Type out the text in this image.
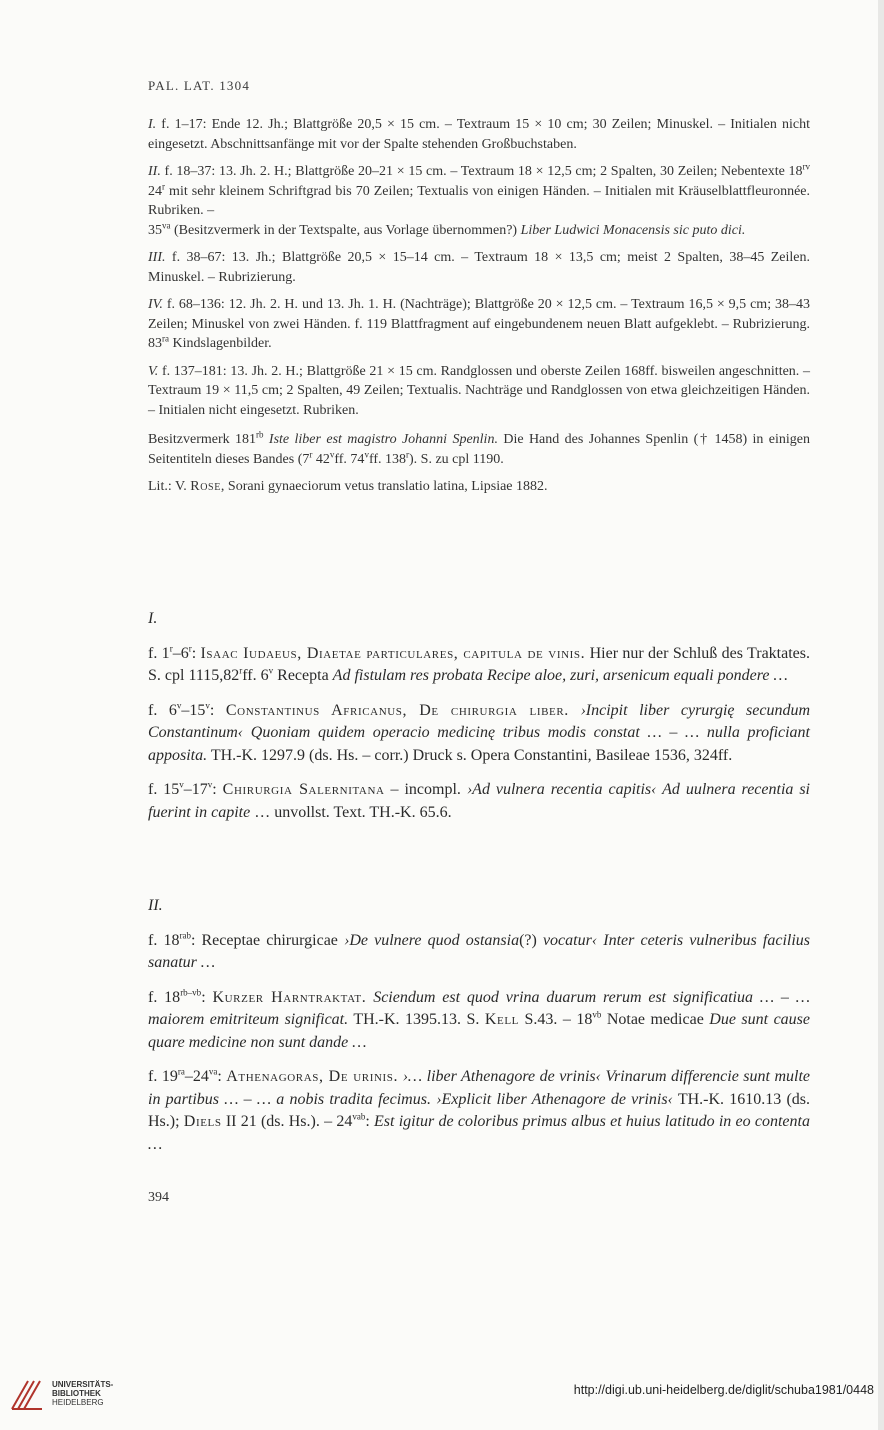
PAL. LAT. 1304

I. f. 1–17: Ende 12. Jh.; Blattgröße 20,5 × 15 cm. – Textraum 15 × 10 cm; 30 Zeilen; Minuskel. – Initialen nicht eingesetzt. Abschnittsanfänge mit vor der Spalte stehenden Großbuchstaben.

II. f. 18–37: 13. Jh. 2. H.; Blattgröße 20–21 × 15 cm. – Textraum 18 × 12,5 cm; 2 Spalten, 30 Zeilen; Nebentexte $18^{rv}$ 24$^r$ mit sehr kleinem Schriftgrad bis 70 Zeilen; Textualis von einigen Händen. – Initialen mit Kräuselblattfleuronnée. Rubriken. –
$35^{va}$ (Besitzvermerk in der Textspalte, aus Vorlage übernommen?) Liber Ludwici Monacensis sic puto dici.

III. f. 38–67: 13. Jh.; Blattgröße 20,5 × 15–14 cm. – Textraum 18 × 13,5 cm; meist 2 Spalten, 38–45 Zeilen. Minuskel. – Rubrizierung.

IV. f. 68–136: 12. Jh. 2. H. und 13. Jh. 1. H. (Nachträge); Blattgröße 20 × 12,5 cm. – Textraum 16,5 × 9,5 cm; 38–43 Zeilen; Minuskel von zwei Händen. f. 119 Blattfragment auf eingebundenem neuen Blatt aufgeklebt. – Rubrizierung. $83^{ra}$ Kindslagenbilder.

V. f. 137–181: 13. Jh. 2. H.; Blattgröße 21 × 15 cm. Randglossen und oberste Zeilen 168ff. bisweilen angeschnitten. – Textraum 19 × 11,5 cm; 2 Spalten, 49 Zeilen; Textualis. Nachträge und Randglossen von etwa gleichzeitigen Händen. – Initialen nicht eingesetzt. Rubriken.

Besitzvermerk $181^{rb}$ Iste liber est magistro Johanni Spenlin. Die Hand des Johannes Spenlin († 1458) in einigen Seitentiteln dieses Bandes (7$^r$ 42$^v$ff. 74$^v$ff. 138$^r$). S. zu cpl 1190.

Lit.: V. Rose, Sorani gynaeciorum vetus translatio latina, Lipsiae 1882.

I.

f. 1$^r$–6$^r$: Isaac Iudaeus, Diaetae particulares, capitula de vinis. Hier nur der Schluß des Traktates. S. cpl 1115,82$^r$ff. 6$^v$ Recepta Ad fistulam res probata Recipe aloe, zuri, arsenicum equali pondere …

f. 6$^v$–15$^v$: Constantinus Africanus, De chirurgia liber. ›Incipit liber cyrurgię secundum Constantinum‹ Quoniam quidem operacio medicinę tribus modis constat … – … nulla proficiant apposita. TH.-K. 1297.9 (ds. Hs. – corr.) Druck s. Opera Constantini, Basileae 1536, 324ff.

f. 15$^v$–17$^v$: Chirurgia Salernitana – incompl. ›Ad vulnera recentia capitis‹ Ad uulnera recentia si fuerint in capite … unvollst. Text. TH.-K. 65.6.

II.

f. $18^{rab}$: Receptae chirurgicae ›De vulnere quod ostansia(?) vocatur‹ Inter ceteris vulneribus facilius sanatur …

f. $18^{rb-vb}$: Kurzer Harntraktat. Sciendum est quod vrina duarum rerum est significatiua … – … maiorem emitriteum significat. TH.-K. 1395.13. S. Kell S.43. – $18^{vb}$ Notae medicae Due sunt cause quare medicine non sunt dande …

f. $19^{ra}-24^{va}$: Athenagoras, De urinis. ›… liber Athenagore de vrinis‹ Vrinarum differencie sunt multe in partibus … – … a nobis tradita fecimus. ›Explicit liber Athenagore de vrinis‹ TH.-K. 1610.13 (ds. Hs.); Diels II 21 (ds. Hs.). – $24^{vab}$: Est igitur de coloribus primus albus et huius latitudo in eo contenta …

394
UNIVERSITÄTS-
BIBLIOTHEK
HEIDELBERG
http://digi.ub.uni-heidelberg.de/diglit/schuba1981/0448
